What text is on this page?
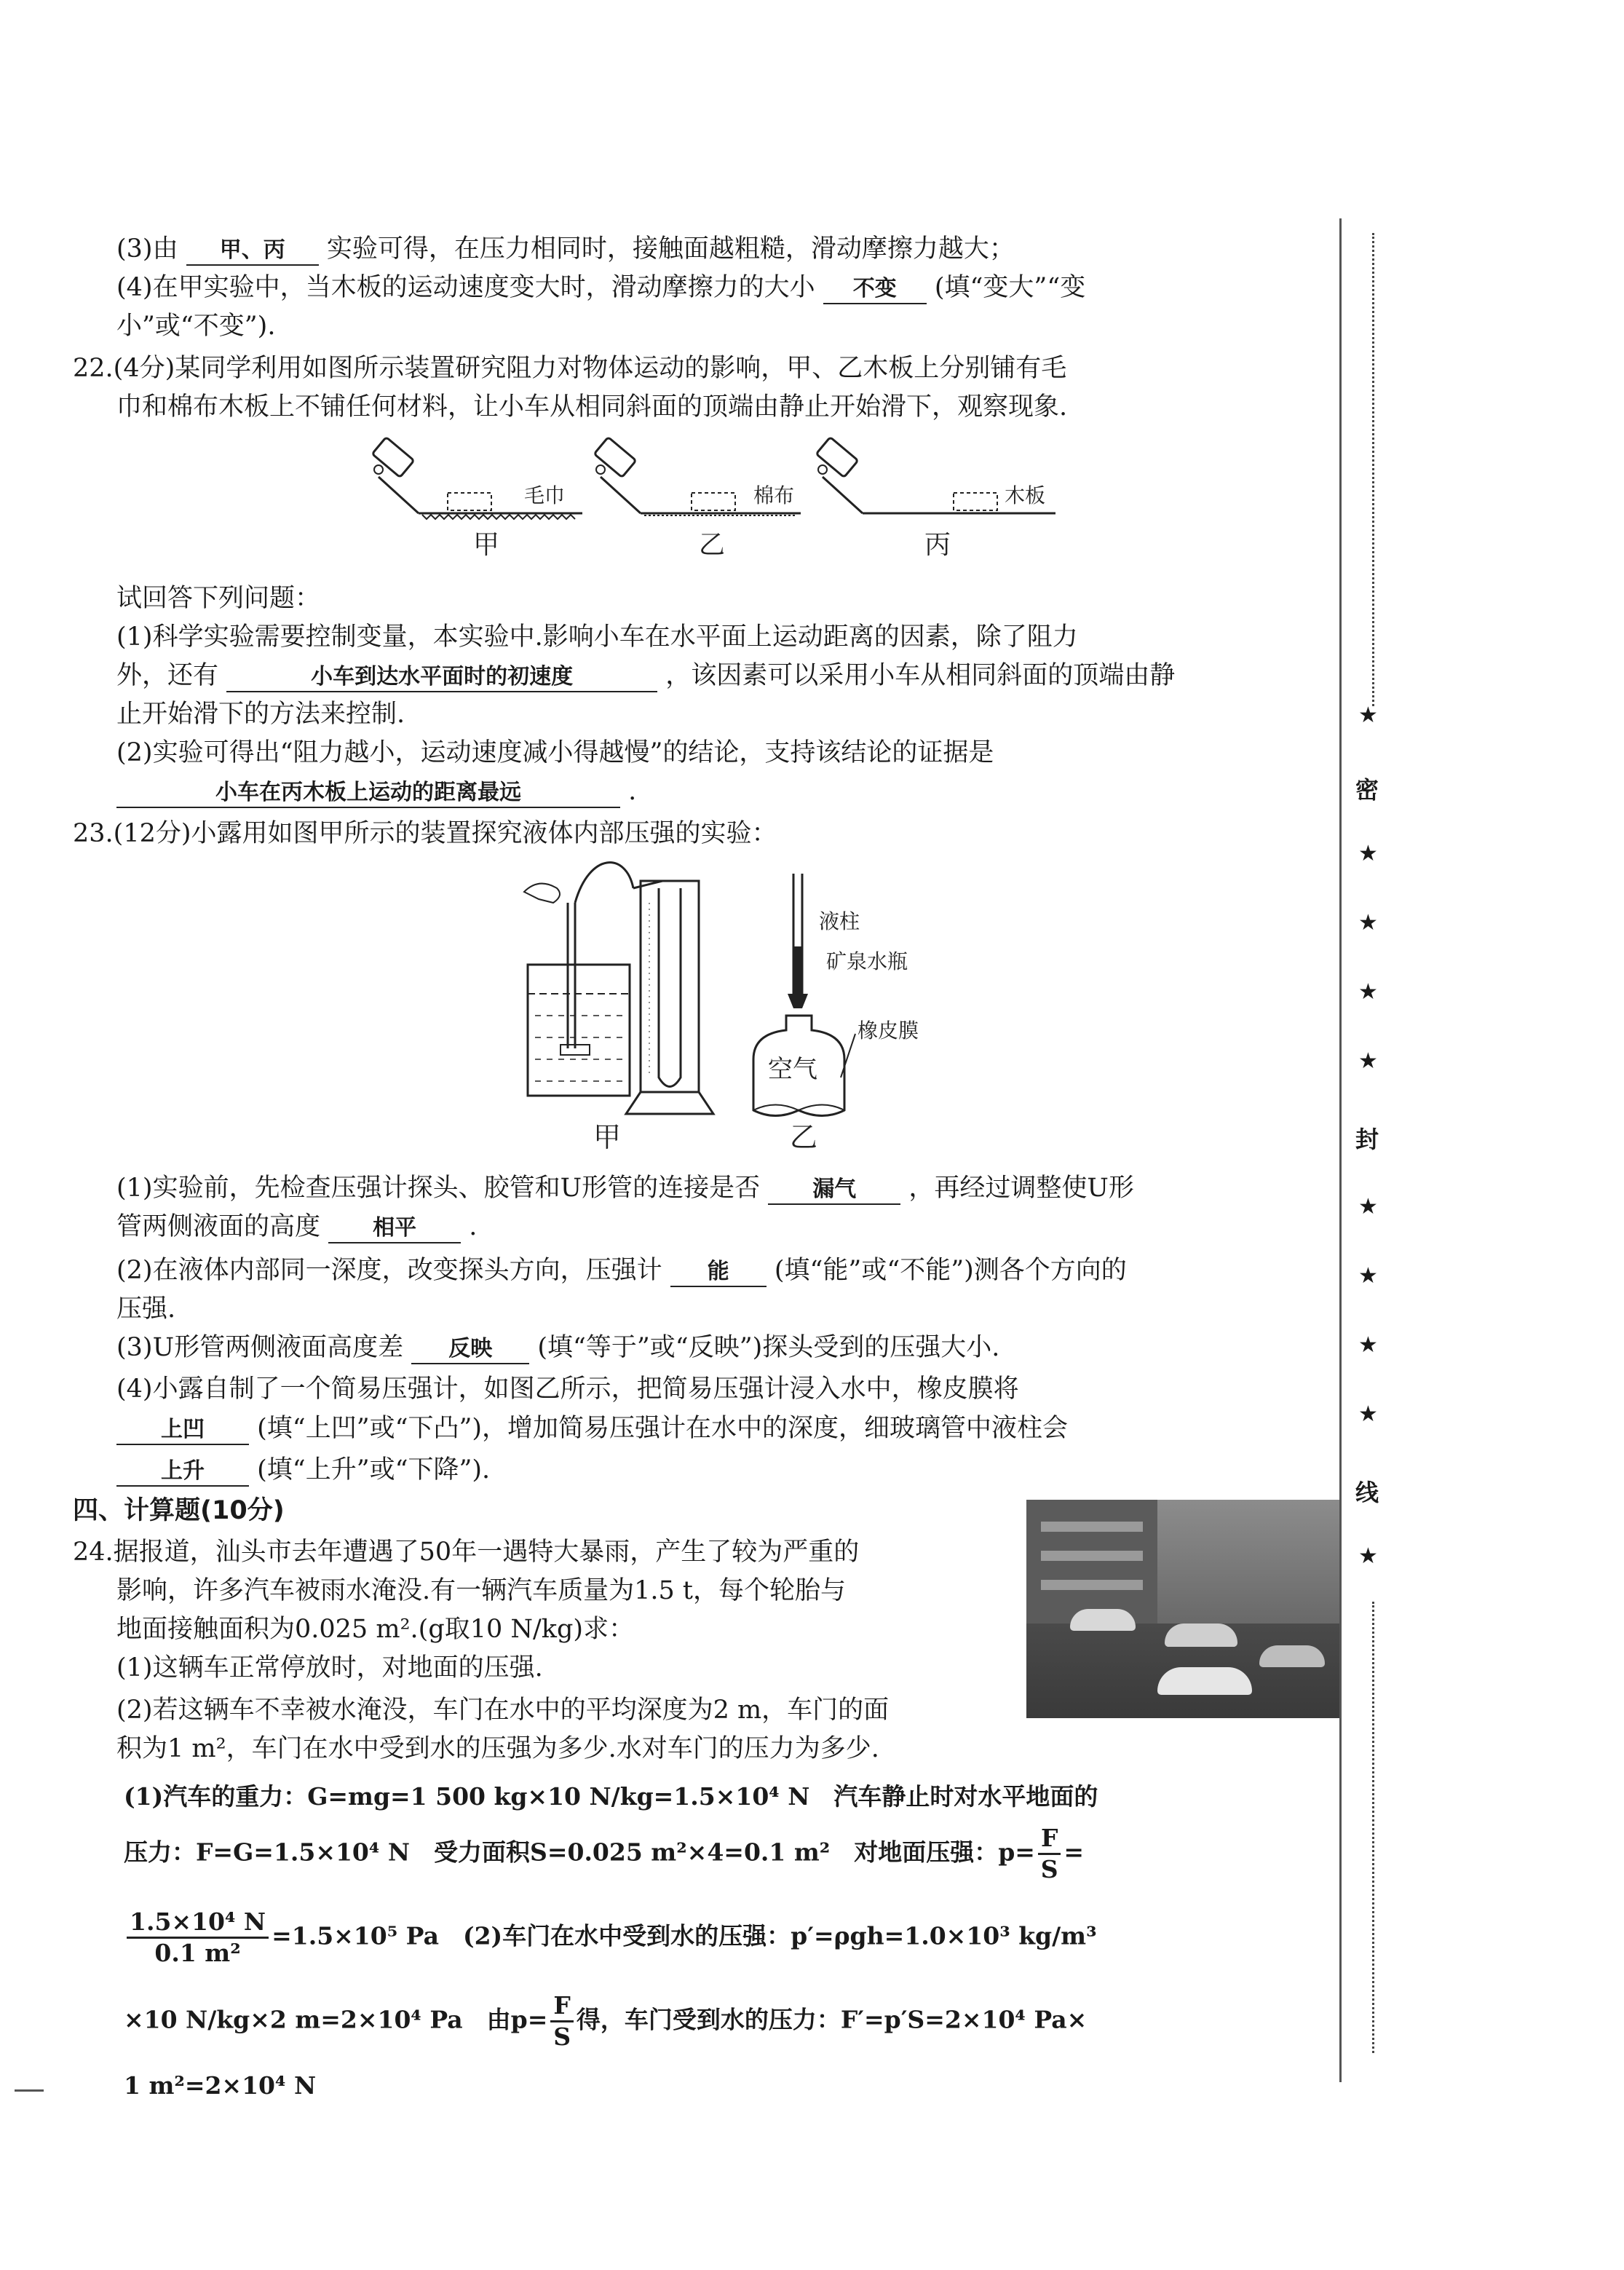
(3)由 甲、丙 实验可得，在压力相同时，接触面越粗糙，滑动摩擦力越大；
(4)在甲实验中，当木板的运动速度变大时，滑动摩擦力的大小 不变 (填“变大”“变
小”或“不变”).
22.(4分)某同学利用如图所示装置研究阻力对物体运动的影响，甲、乙木板上分别铺有毛
巾和棉布木板上不铺任何材料，让小车从相同斜面的顶端由静止开始滑下，观察现象.
毛巾
甲
棉布
乙
木板
丙
试回答下列问题：
(1)科学实验需要控制变量，本实验中.影响小车在水平面上运动距离的因素，除了阻力
外，还有	小车到达水平面时的初速度	，该因素可以采用小车从相同斜面的顶端由静
止开始滑下的方法来控制.
(2)实验可得出“阻力越小，运动速度减小得越慢”的结论，支持该结论的证据是
小车在丙木板上运动的距离最远	.
23.(12分)小露用如图甲所示的装置探究液体内部压强的实验：
甲
液柱
矿泉水瓶
橡皮膜
空气
乙
(1)实验前，先检查压强计探头、胶管和U形管的连接是否 漏气 ，再经过调整使U形
管两侧液面的高度 相平 .
(2)在液体内部同一深度，改变探头方向，压强计 能 (填“能”或“不能”)测各个方向的
压强.
(3)U形管两侧液面高度差 反映 (填“等于”或“反映”)探头受到的压强大小.
(4)小露自制了一个简易压强计，如图乙所示，把简易压强计浸入水中，橡皮膜将
上凹 (填“上凹”或“下凸”)，增加简易压强计在水中的深度，细玻璃管中液柱会
上升 (填“上升”或“下降”).
四、计算题(10分)
24.据报道，汕头市去年遭遇了50年一遇特大暴雨，产生了较为严重的
影响，许多汽车被雨水淹没.有一辆汽车质量为1.5 t，每个轮胎与
地面接触面积为0.025 m².(g取10 N/kg)求：
(1)这辆车正常停放时，对地面的压强.
(2)若这辆车不幸被水淹没，车门在水中的平均深度为2 m，车门的面
积为1 m²，车门在水中受到水的压强为多少.水对车门的压力为多少.
(1)汽车的重力：G=mg=1 500 kg×10 N/kg=1.5×10⁴ N　汽车静止时对水平地面的
压力：F=G=1.5×10⁴ N　受力面积S=0.025 m²×4=0.1 m²　对地面压强：$p= \frac{F}{S}$ =
$\frac{\text{1.5×10⁴ N}}{\text{0.1 m²}} =1.5\times 10^5$ Pa　(2)车门在水中受到水的压强：p′=ρgh=1.0×10³ kg/m³
×10 N/kg×2 m=2×10⁴ Pa　由$p= \frac{F}{S}$ 得，车门受到水的压力：F′=p′S=2×10⁴ Pa×
1 m²=2×10⁴ N
★
密
★
★
★
★
封
★
★
★
★
线
★
